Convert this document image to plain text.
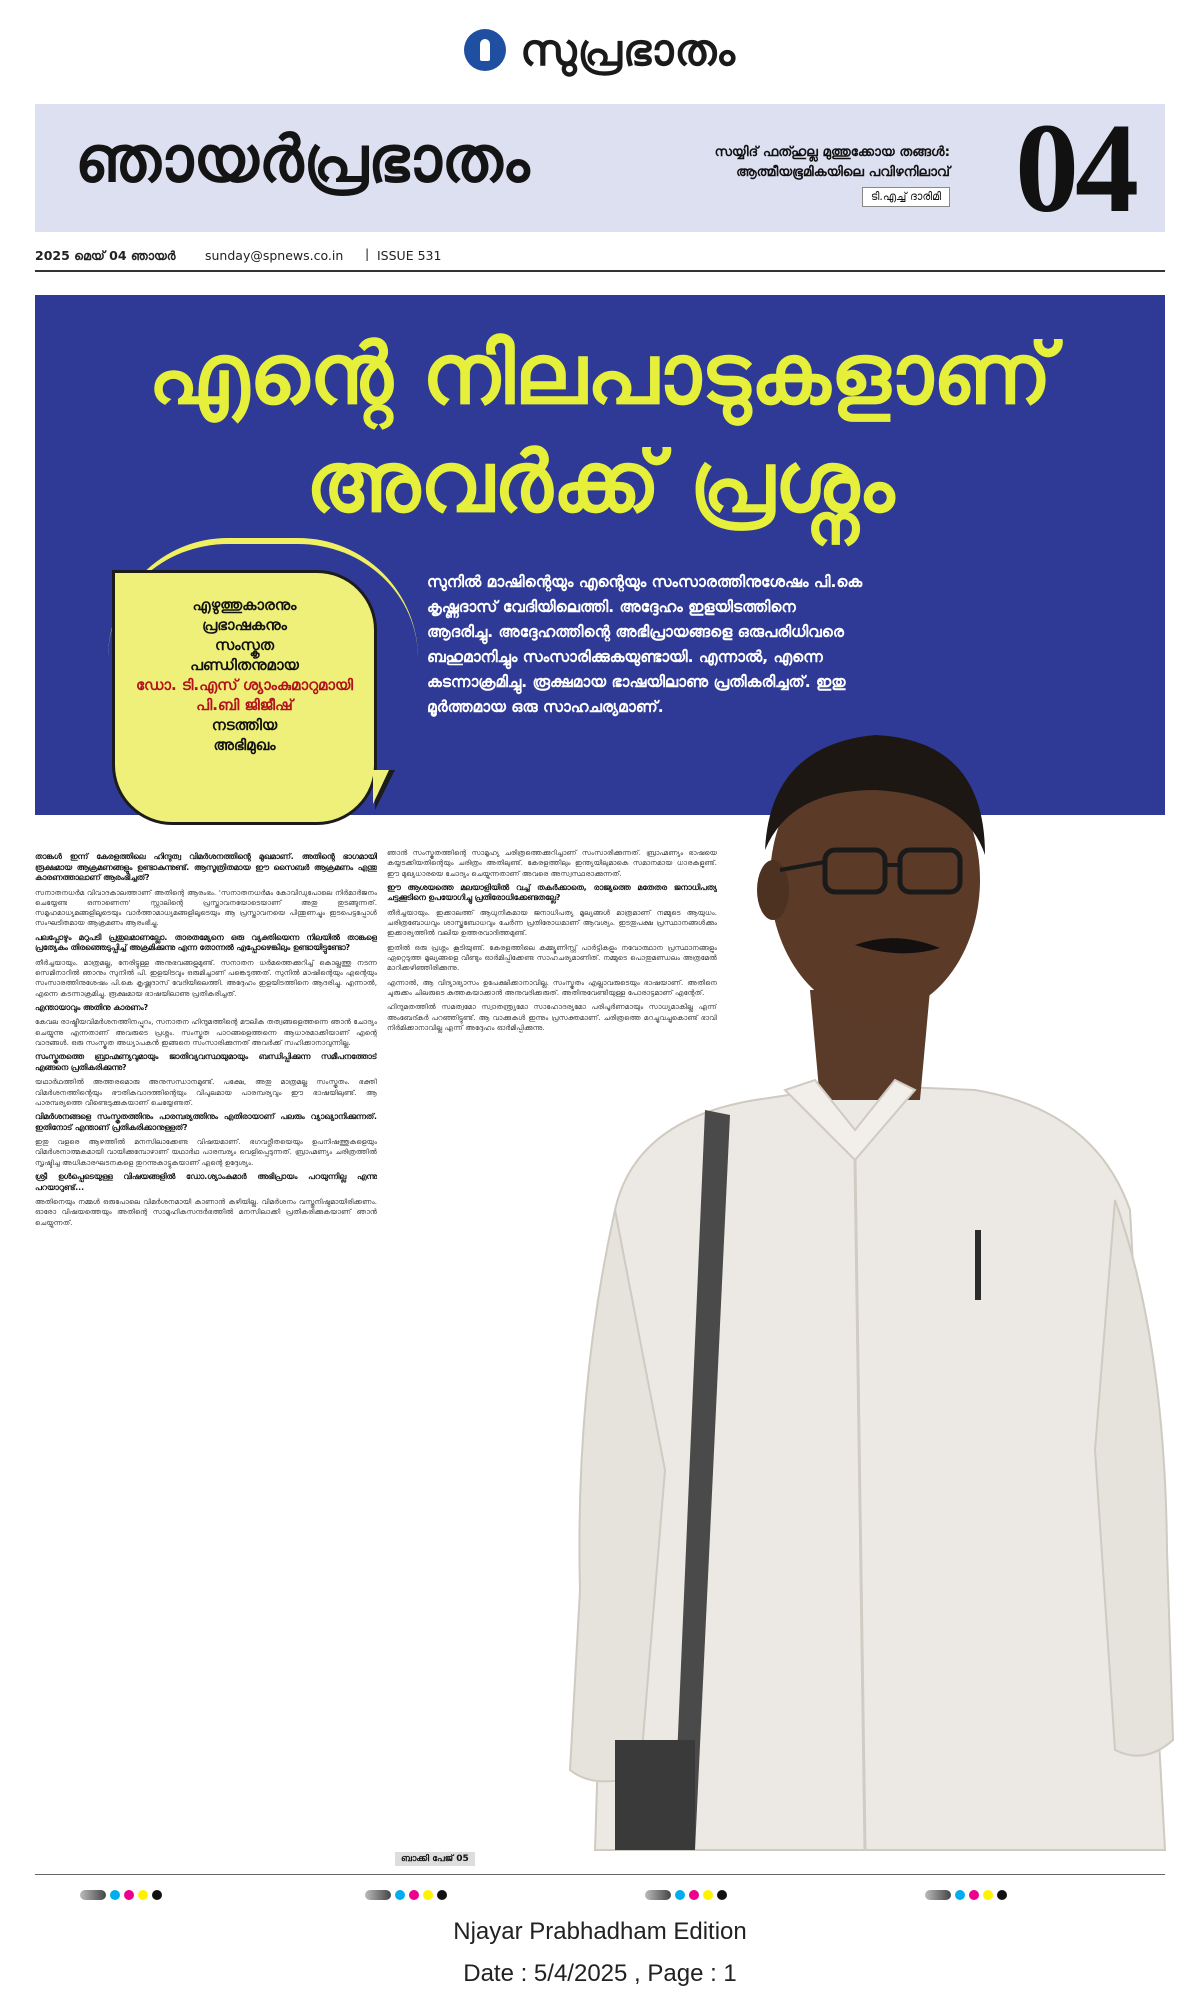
സുപ്രഭാതം
ഞായർപ്രഭാതം	സയ്യിദ് ഫത്ഹുല്ല മുത്തുക്കോയ തങ്ങൾ:
ആത്മീയഭൂമികയിലെ പവിഴനിലാവ്
ടി.എച്ച് ദാരിമി 04
2025 മെയ് 04 ഞായർ sunday@spnews.co.in | ISSUE 531
എന്റെ നിലപാടുകളാണ്
അവർക്ക് പ്രശ്നം
സുനിൽ മാഷിന്റെയും എന്റെയും സംസാരത്തിനുശേഷം പി.കെ കൃഷ്ണദാസ് വേദിയിലെത്തി. അദ്ദേഹം ഇളയിടത്തിനെ ആദരിച്ചു. അദ്ദേഹത്തിന്റെ അഭിപ്രായങ്ങളെ ഒരുപരിധിവരെ ബഹുമാനിച്ചും സംസാരിക്കുകയുണ്ടായി. എന്നാൽ, എന്നെ കടന്നാക്രമിച്ചു. രൂക്ഷമായ ഭാഷയിലാണു പ്രതികരിച്ചത്. ഇതു മൂർത്തമായ ഒരു സാഹചര്യമാണ്.

എഴുത്തുകാരനും

പ്രഭാഷകനും

സംസ്കൃത

പണ്ഡിതനുമായ

ഡോ. ടി.എസ് ശ്യാംകുമാറുമായി

പി.ബി ജിജീഷ്

നടത്തിയ

അഭിമുഖം

താങ്കൾ ഇന്ന് കേരളത്തിലെ ഹിന്ദുത്വ വിമർശനത്തിന്റെ മുഖമാണ്. അതിന്റെ ഭാഗമായി രൂക്ഷമായ ആക്രമണങ്ങളും ഉണ്ടാകുന്നുണ്ട്. ആസൂത്രിതമായ ഈ സൈബർ ആക്രമണം എന്തു കാരണത്താലാണ് ആരംഭിച്ചത്?

സനാതനധർമ വിവാദകാലത്താണ് അതിന്റെ ആരംഭം. 'സനാതനധർമം കോവിഡുപോലെ നിർമാർജനം ചെയ്യേണ്ട ഒന്നാണെന്ന' സ്റ്റാലിന്റെ പ്രസ്താവനയോടെയാണ് അതു തുടങ്ങുന്നത്. സമൂഹമാധ്യമങ്ങളിലൂടെയും വാർത്താമാധ്യമങ്ങളിലൂടെയും ആ പ്രസ്താവനയെ പിന്തുണച്ചും ഇടപെട്ടപ്പോൾ സംഘടിതമായ ആക്രമണം ആരംഭിച്ചു.

പലപ്പോഴും മറുപടി പ്രതുലമാണല്ലോ. താരതമ്യേനെ ഒരു വ്യക്തിയെന്ന നിലയിൽ താങ്കളെ പ്രത്യേകം തിരഞ്ഞെടുപ്പിച്ച് അക്രമിക്കുന്നു എന്ന തോന്നൽ എപ്പോഴെങ്കിലും ഉണ്ടായിട്ടുണ്ടോ?

തീർച്ചയായും. മാത്രമല്ല, നേരിട്ടുള്ള അനുഭവങ്ങളുമുണ്ട്. സനാതന ധർമത്തെക്കുറിച്ച് കൊല്ലത്തു നടന്ന സെമിനാറിൽ ഞാനും സുനിൽ പി. ഇളയിടവും ഒരുമിച്ചാണ് പങ്കെടുത്തത്. സുനിൽ മാഷിന്റെയും എന്റെയും സംസാരത്തിനുശേഷം പി.കെ കൃഷ്ണദാസ് വേദിയിലെത്തി. അദ്ദേഹം ഇളയിടത്തിനെ ആദരിച്ചു. എന്നാൽ, എന്നെ കടന്നാക്രമിച്ചു. രൂക്ഷമായ ഭാഷയിലാണു പ്രതികരിച്ചത്.

എന്തായാവും അതിനു കാരണം?

കേവല രാഷ്ട്രീയവിമർശനത്തിനപ്പുറം, സനാതന ഹിന്ദുമത്തിന്റെ മൗലിക തത്വങ്ങളെത്തന്നെ ഞാൻ ചോദ്യം ചെയ്യുന്നു എന്നതാണ് അവരുടെ പ്രശ്നം. സംസ്കൃത പാഠങ്ങളെത്തന്നെ ആധാരമാക്കിയാണ് എന്റെ വാദങ്ങൾ. ഒരു സംസ്കൃത അധ്യാപകൻ ഇങ്ങനെ സംസാരിക്കുന്നത് അവർക്ക് സഹിക്കാനാവുന്നില്ല.

സംസ്കൃതത്തെ ബ്രാഹ്മണ്യവുമായും ജാതിവ്യവസ്ഥയുമായും ബന്ധിപ്പിക്കുന്ന സമീപനത്തോട് എങ്ങനെ പ്രതികരിക്കുന്നു?

യഥാർഥത്തിൽ അത്തരമൊരു അനുസന്ധാനമുണ്ട്. പക്ഷേ, അതു മാത്രമല്ല സംസ്കൃതം. ഭക്തി വിമർശനത്തിന്റെയും ഭൗതികവാദത്തിന്റെയും വിപുലമായ പാരമ്പര്യവും ഈ ഭാഷയിലുണ്ട്. ആ പാരമ്പര്യത്തെ വീണ്ടെടുക്കുകയാണ് ചെയ്യേണ്ടത്.

വിമർശനങ്ങളെ സംസ്കൃതത്തിനും പാരമ്പര്യത്തിനും എതിരായാണ് പലരും വ്യാഖ്യാനിക്കുന്നത്. ഇതിനോട് എന്താണ് പ്രതികരിക്കാനുള്ളത്?

ഇതു വളരെ ആഴത്തിൽ മനസിലാക്കേണ്ട വിഷയമാണ്. ഭഗവദ്ഗീതയെയും ഉപനിഷത്തുകളെയും വിമർശനാത്മകമായി വായിക്കുമ്പോഴാണ് യഥാർഥ പാരമ്പര്യം വെളിപ്പെടുന്നത്. ബ്രാഹ്മണ്യം ചരിത്രത്തിൽ സൃഷ്ടിച്ച അധികാരഘടനകളെ തുറന്നുകാട്ടുകയാണ് എന്റെ ഉദ്ദേശ്യം.

ശ്രീ ഉൾപ്പെടെയുള്ള വിഷയങ്ങളിൽ ഡോ.ശ്യാംകുമാർ അഭിപ്രായം പറയുന്നില്ല എന്നു പറയാറുണ്ട്...

അതിനെയും നമ്മൾ ഒരുപോലെ വിമർശനമായി കാണാൻ കഴിയില്ല. വിമർശനം വസ്തുനിഷ്ഠമായിരിക്കണം. ഓരോ വിഷയത്തെയും അതിന്റെ സാമൂഹികസന്ദർഭത്തിൽ മനസിലാക്കി പ്രതികരിക്കുകയാണ് ഞാൻ ചെയ്യുന്നത്.

ഞാൻ സംസ്കൃതത്തിന്റെ സാമൂഹ്യ ചരിത്രത്തെക്കുറിച്ചാണ് സംസാരിക്കുന്നത്. ബ്രാഹ്മണ്യം ഭാഷയെ കയ്യടക്കിയതിന്റെയും ചരിത്രം അതിലുണ്ട്. കേരളത്തിലും ഇന്ത്യയിലുമാകെ സമാനമായ ധാരകളുണ്ട്. ഈ മുഖ്യധാരയെ ചോദ്യം ചെയ്യുന്നതാണ് അവരെ അസ്വസ്ഥരാക്കുന്നത്.

ഈ ആശയത്തെ മലയാളിയിൽ വച്ച് തകർക്കാതെ, രാജ്യത്തെ മതേതര ജനാധിപത്യ ചട്ടക്കൂടിനെ ഉപയോഗിച്ചു പ്രതിരോധിക്കേണ്ടതല്ലേ?

തീർച്ചയായും. ഇക്കാലത്ത് ആധുനികമായ ജനാധിപത്യ മൂല്യങ്ങൾ മാത്രമാണ് നമ്മുടെ ആയുധം. ചരിത്രബോധവും ശാസ്ത്രബോധവും ചേർന്ന പ്രതിരോധമാണ് ആവശ്യം. ഇടതുപക്ഷ പ്രസ്ഥാനങ്ങൾക്കും ഇക്കാര്യത്തിൽ വലിയ ഉത്തരവാദിത്തമുണ്ട്.

ഇതിൽ ഒരു പ്രശ്നം കൂടിയുണ്ട്. കേരളത്തിലെ കമ്മ്യൂണിസ്റ്റ് പാർട്ടികളും നവോത്ഥാന പ്രസ്ഥാനങ്ങളും ഏറ്റെടുത്ത മൂല്യങ്ങളെ വീണ്ടും ഓർമിപ്പിക്കേണ്ട സാഹചര്യമാണിത്. നമ്മുടെ പൊതുമണ്ഡലം അത്രമേൽ മാറിക്കഴിഞ്ഞിരിക്കുന്നു.

എന്നാൽ, ആ വിദ്യാഭ്യാസം ഉപേക്ഷിക്കാനാവില്ല. സംസ്കൃതം എല്ലാവരുടെയും ഭാഷയാണ്. അതിനെ ചുരുക്കം ചിലരുടെ കുത്തകയാക്കാൻ അനുവദിക്കരുത്. അതിനുവേണ്ടിയുള്ള പോരാട്ടമാണ് എന്റേത്.

ഹിന്ദുമതത്തിൽ സമത്വമോ സ്വാതന്ത്ര്യമോ സാഹോദര്യമോ പരിപൂർണമായും സാധ്യമാകില്ല എന്ന് അംബേദ്കർ പറഞ്ഞിട്ടുണ്ട്. ആ വാക്കുകൾ ഇന്നും പ്രസക്തമാണ്. ചരിത്രത്തെ മറച്ചുവച്ചുകൊണ്ട് ഭാവി നിർമിക്കാനാവില്ല എന്ന് അദ്ദേഹം ഓർമിപ്പിക്കുന്നു.

ബാക്കി പേജ് 05
Njayar Prabhadham Edition
Date : 5/4/2025 , Page : 1
